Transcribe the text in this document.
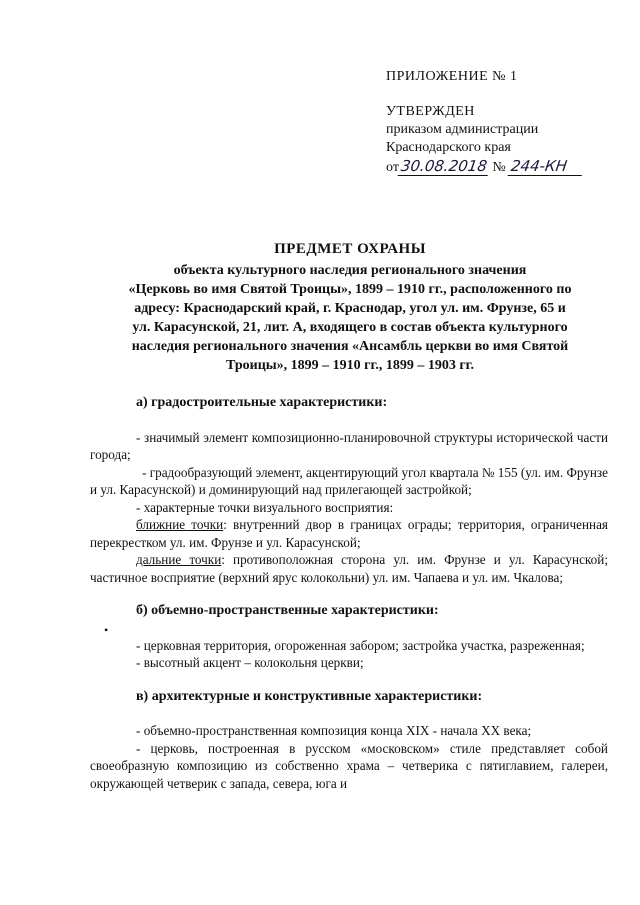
ПРИЛОЖЕНИЕ № 1
УТВЕРЖДЕН
приказом администрации
Краснодарского края
от30.08.2018 № 244-КН
ПРЕДМЕТ ОХРАНЫ
объекта культурного наследия регионального значения
«Церковь во имя Святой Троицы», 1899 – 1910 гг., расположенного по
адресу: Краснодарский край, г. Краснодар, угол ул. им. Фрунзе, 65 и
ул. Карасунской, 21, лит. А, входящего в состав объекта культурного
наследия регионального значения «Ансамбль церкви во имя Святой
Троицы», 1899 – 1910 гг., 1899 – 1903 гг.
а) градостроительные характеристики:

- значимый элемент композиционно-планировочной структуры исторической части города;

- градообразующий элемент, акцентирующий угол квартала № 155 (ул. им. Фрунзе и ул. Карасунской) и доминирующий над прилегающей застройкой;

- характерные точки визуального восприятия:

ближние точки: внутренний двор в границах ограды; территория, ограниченная перекрестком ул. им. Фрунзе и ул. Карасунской;

дальние точки: противоположная сторона ул. им. Фрунзе и ул. Карасунской; частичное восприятие (верхний ярус колокольни) ул. им. Чапаева и ул. им. Чкалова;

б) объемно-пространственные характеристики:

- церковная территория, огороженная забором; застройка участка, разреженная;

- высотный акцент – колокольня церкви;

в) архитектурные и конструктивные характеристики:

- объемно-пространственная композиция конца XIX - начала XX века;

- церковь, построенная в русском «московском» стиле представляет собой своеобразную композицию из собственно храма – четверика с пятиглавием, галереи, окружающей четверик с запада, севера, юга и

•
